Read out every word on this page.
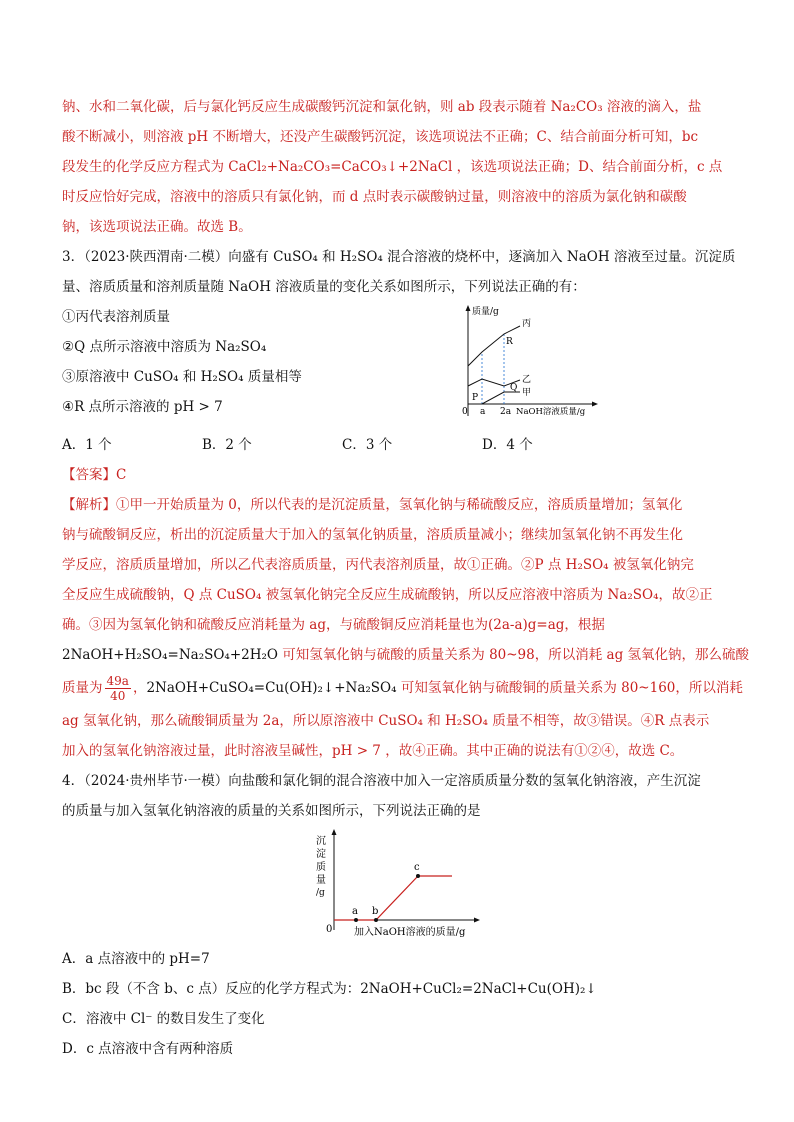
钠、水和二氧化碳，后与氯化钙反应生成碳酸钙沉淀和氯化钠，则 ab 段表示随着 Na₂CO₃ 溶液的滴入，盐
酸不断减小，则溶液 pH 不断增大，还没产生碳酸钙沉淀，该选项说法不正确；C、结合前面分析可知，bc
段发生的化学反应方程式为 CaCl₂+Na₂CO₃=CaCO₃↓+2NaCl ，该选项说法正确；D、结合前面分析，c 点
时反应恰好完成，溶液中的溶质只有氯化钠，而 d 点时表示碳酸钠过量，则溶液中的溶质为氯化钠和碳酸
钠，该选项说法正确。故选 B。
3．（2023·陕西渭南·二模）向盛有 CuSO₄ 和 H₂SO₄ 混合溶液的烧杯中，逐滴加入 NaOH 溶液至过量。沉淀质
量、溶质质量和溶剂质量随 NaOH 溶液质量的变化关系如图所示，下列说法正确的有：
①丙代表溶剂质量
②Q 点所示溶液中溶质为 Na₂SO₄
③原溶液中 CuSO₄ 和 H₂SO₄ 质量相等
④R 点所示溶液的 pH > 7
质量/g
0 a 2a NaOH溶液质量/g
丙
乙
甲
R
P
Q
A．1 个	B．2 个	C．3 个	D．4 个
【答案】C
【解析】①甲一开始质量为 0，所以代表的是沉淀质量，氢氧化钠与稀硫酸反应，溶质质量增加；氢氧化
钠与硫酸铜反应，析出的沉淀质量大于加入的氢氧化钠质量，溶质质量减小；继续加氢氧化钠不再发生化
学反应，溶质质量增加，所以乙代表溶质质量，丙代表溶剂质量，故①正确。②P 点 H₂SO₄ 被氢氧化钠完
全反应生成硫酸钠，Q 点 CuSO₄ 被氢氧化钠完全反应生成硫酸钠，所以反应溶液中溶质为 Na₂SO₄，故②正
确。③因为氢氧化钠和硫酸反应消耗量为 ag，与硫酸铜反应消耗量也为(2a-a)g=ag，根据
2NaOH+H₂SO₄=Na₂SO₄+2H₂O 可知氢氧化钠与硫酸的质量关系为 80~98，所以消耗 ag 氢氧化钠，那么硫酸
质量为 $\frac{49a}{40}$ ，2NaOH+CuSO₄=Cu(OH)₂↓+Na₂SO₄ 可知氢氧化钠与硫酸铜的质量关系为 80~160，所以消耗
ag 氢氧化钠，那么硫酸铜质量为 2a，所以原溶液中 CuSO₄ 和 H₂SO₄ 质量不相等，故③错误。④R 点表示
加入的氢氧化钠溶液过量，此时溶液呈碱性，pH > 7 ，故④正确。其中正确的说法有①②④，故选 C。
4．（2024·贵州毕节·一模）向盐酸和氯化铜的混合溶液中加入一定溶质质量分数的氢氧化钠溶液，产生沉淀
的质量与加入氢氧化钠溶液的质量的关系如图所示，下列说法正确的是
沉
淀
质
量
/g
0 加入NaOH溶液的质量/g
a b
c
A．a 点溶液中的 pH=7
B．bc 段（不含 b、c 点）反应的化学方程式为：2NaOH+CuCl₂=2NaCl+Cu(OH)₂↓
C．溶液中 Cl⁻ 的数目发生了变化
D．c 点溶液中含有两种溶质
